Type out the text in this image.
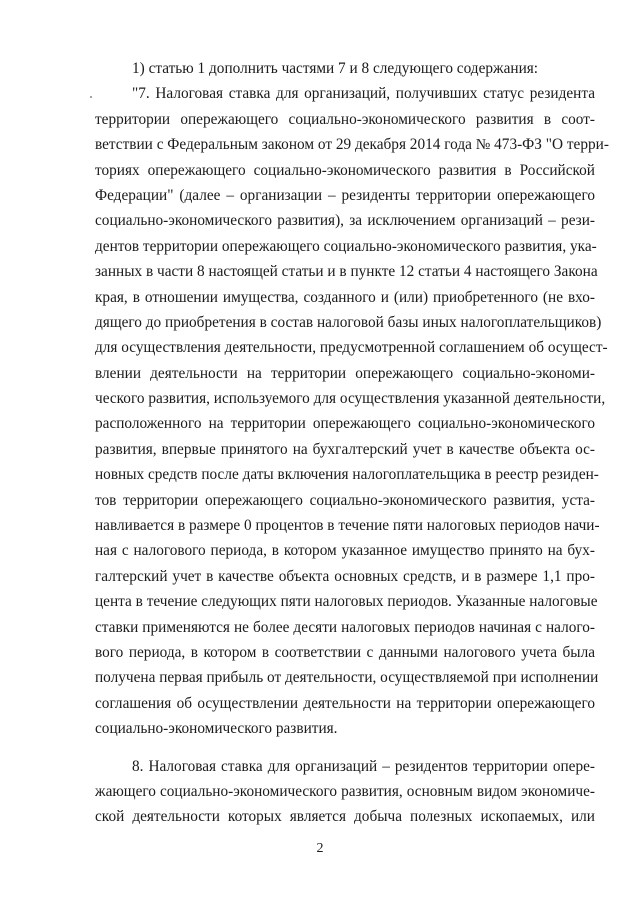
1) статью 1 дополнить частями 7 и 8 следующего содержания:
"7. Налоговая ставка для организаций, получивших статус резидента
территории опережающего социально-экономического развития в соот-
ветствии с Федеральным законом от 29 декабря 2014 года № 473-ФЗ "О терри-
ториях опережающего социально-экономического развития в Российской
Федерации" (далее – организации – резиденты территории опережающего
социально-экономического развития), за исключением организаций – рези-
дентов территории опережающего социально-экономического развития, ука-
занных в части 8 настоящей статьи и в пункте 12 статьи 4 настоящего Закона
края, в отношении имущества, созданного и (или) приобретенного (не вхо-
дящего до приобретения в состав налоговой базы иных налогоплательщиков)
для осуществления деятельности, предусмотренной соглашением об осущест-
влении деятельности на территории опережающего социально-экономи-
ческого развития, используемого для осуществления указанной деятельности,
расположенного на территории опережающего социально-экономического
развития, впервые принятого на бухгалтерский учет в качестве объекта ос-
новных средств после даты включения налогоплательщика в реестр резиден-
тов территории опережающего социально-экономического развития, уста-
навливается в размере 0 процентов в течение пяти налоговых периодов начи-
ная с налогового периода, в котором указанное имущество принято на бух-
галтерский учет в качестве объекта основных средств, и в размере 1,1 про-
цента в течение следующих пяти налоговых периодов. Указанные налоговые
ставки применяются не более десяти налоговых периодов начиная с налого-
вого периода, в котором в соответствии с данными налогового учета была
получена первая прибыль от деятельности, осуществляемой при исполнении
соглашения об осуществлении деятельности на территории опережающего
социально-экономического развития.
8. Налоговая ставка для организаций – резидентов территории опере-
жающего социально-экономического развития, основным видом экономиче-
ской деятельности которых является добыча полезных ископаемых, или
2
